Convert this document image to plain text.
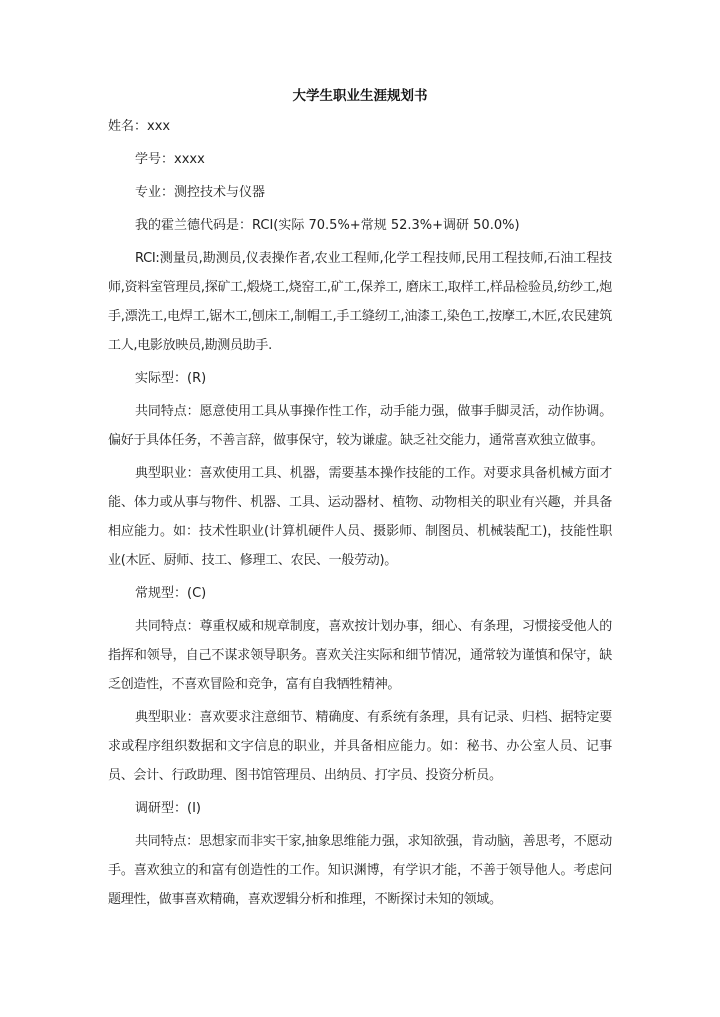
大学生职业生涯规划书
姓名：xxx
学号：xxxx
专业：测控技术与仪器
我的霍兰德代码是：RCI(实际 70.5%+常规 52.3%+调研 50.0%)
RCI:测量员,勘测员,仪表操作者,农业工程师,化学工程技师,民用工程技师,石油工程技师,资料室管理员,探矿工,煅烧工,烧窑工,矿工,保养工, 磨床工,取样工,样品检验员,纺纱工,炮手,漂洗工,电焊工,锯木工,刨床工,制帽工,手工缝纫工,油漆工,染色工,按摩工,木匠,农民建筑工人,电影放映员,勘测员助手.
实际型：(R)
共同特点：愿意使用工具从事操作性工作，动手能力强，做事手脚灵活，动作协调。偏好于具体任务，不善言辞，做事保守，较为谦虚。缺乏社交能力，通常喜欢独立做事。
典型职业：喜欢使用工具、机器，需要基本操作技能的工作。对要求具备机械方面才能、体力或从事与物件、机器、工具、运动器材、植物、动物相关的职业有兴趣，并具备相应能力。如：技术性职业(计算机硬件人员、摄影师、制图员、机械装配工)，技能性职业(木匠、厨师、技工、修理工、农民、一般劳动)。
常规型：(C)
共同特点：尊重权威和规章制度，喜欢按计划办事，细心、有条理，习惯接受他人的指挥和领导，自己不谋求领导职务。喜欢关注实际和细节情况，通常较为谨慎和保守，缺乏创造性，不喜欢冒险和竞争，富有自我牺牲精神。
典型职业：喜欢要求注意细节、精确度、有系统有条理，具有记录、归档、据特定要求或程序组织数据和文字信息的职业，并具备相应能力。如：秘书、办公室人员、记事员、会计、行政助理、图书馆管理员、出纳员、打字员、投资分析员。
调研型：(I)
共同特点：思想家而非实干家,抽象思维能力强，求知欲强，肯动脑，善思考，不愿动手。喜欢独立的和富有创造性的工作。知识渊博，有学识才能，不善于领导他人。考虑问题理性，做事喜欢精确，喜欢逻辑分析和推理，不断探讨未知的领域。
